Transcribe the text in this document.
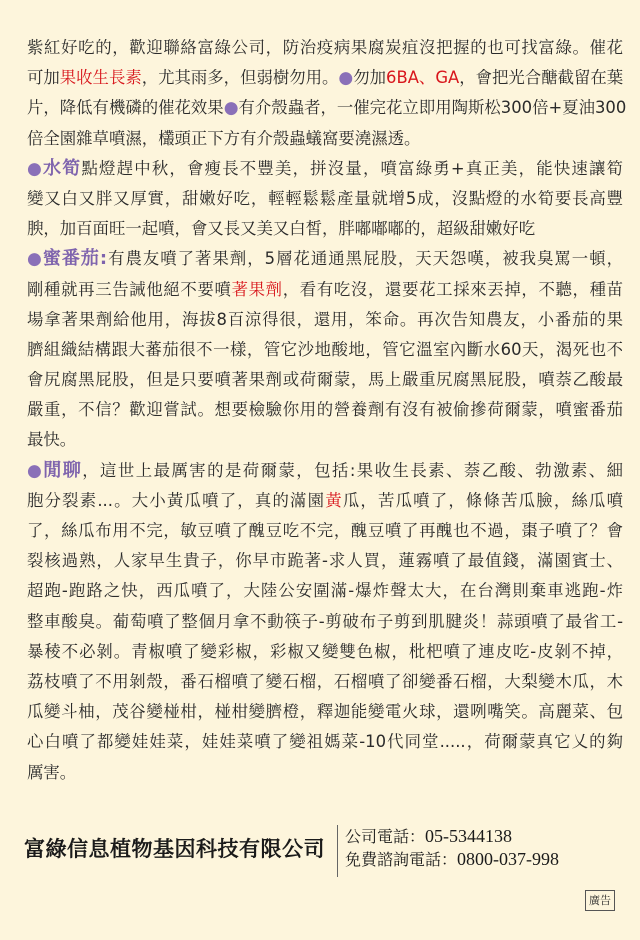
紫紅好吃的，歡迎聯絡富綠公司，防治疫病果腐炭疽沒把握的也可找富綠。催花
可加果收生長素，尤其雨多，但弱樹勿用。●勿加6BA、GA，會把光合醣截留在葉
片，降低有機磷的催花效果●有介殼蟲者，一催完花立即用陶斯松300倍+夏油300
倍全園雜草噴濕，欉頭正下方有介殼蟲蟻窩要澆濕透。
●水筍點燈趕中秋，會瘦長不豐美，拼沒量，噴富綠勇+真正美，能快速讓筍
變又白又胖又厚實，甜嫩好吃，輕輕鬆鬆產量就增5成，沒點燈的水筍要長高豐
腴，加百面旺一起噴，會又長又美又白皙，胖嘟嘟嘟的，超級甜嫩好吃
●蜜番茄:有農友噴了著果劑，5層花通通黑屁股，天天怨嘆，被我臭罵一頓，
剛種就再三告誡他絕不要噴著果劑，看有吃沒，還要花工採來丟掉，不聽，種苗
場拿著果劑給他用，海拔8百涼得很，還用，笨命。再次告知農友，小番茄的果
臍組織結構跟大蕃茄很不一樣，管它沙地酸地，管它溫室內斷水60天，渴死也不
會尻腐黑屁股，但是只要噴著果劑或荷爾蒙，馬上嚴重尻腐黑屁股，噴萘乙酸最
嚴重，不信？歡迎嘗試。想要檢驗你用的營養劑有沒有被偷摻荷爾蒙，噴蜜番茄
最快。
●閒聊，這世上最厲害的是荷爾蒙，包括:果收生長素、萘乙酸、勃激素、細
胞分裂素...。大小黃瓜噴了，真的滿園黃瓜，苦瓜噴了，條條苦瓜臉，絲瓜噴
了，絲瓜布用不完，敏豆噴了醜豆吃不完，醜豆噴了再醜也不過，棗子噴了？會
裂核過熟，人家早生貴子，你早市跪著-求人買，蓮霧噴了最值錢，滿園賓士、
超跑-跑路之快，西瓜噴了，大陸公安圍滿-爆炸聲太大，在台灣則棄車逃跑-炸
整車酸臭。葡萄噴了整個月拿不動筷子-剪破布子剪到肌腱炎！蒜頭噴了最省工-
暴稜不必剝。青椒噴了變彩椒，彩椒又變雙色椒，枇杷噴了連皮吃-皮剝不掉，
荔枝噴了不用剝殼，番石榴噴了變石榴，石榴噴了卻變番石榴，大梨變木瓜，木
瓜變斗柚，茂谷變椪柑，椪柑變臍橙，釋迦能變電火球，還咧嘴笑。高麗菜、包
心白噴了都變娃娃菜，娃娃菜噴了變祖媽菜-10代同堂.....，荷爾蒙真它乂的夠
厲害。
富綠信息植物基因科技有限公司
公司電話：05-5344138
免費諮詢電話：0800-037-998
廣告
